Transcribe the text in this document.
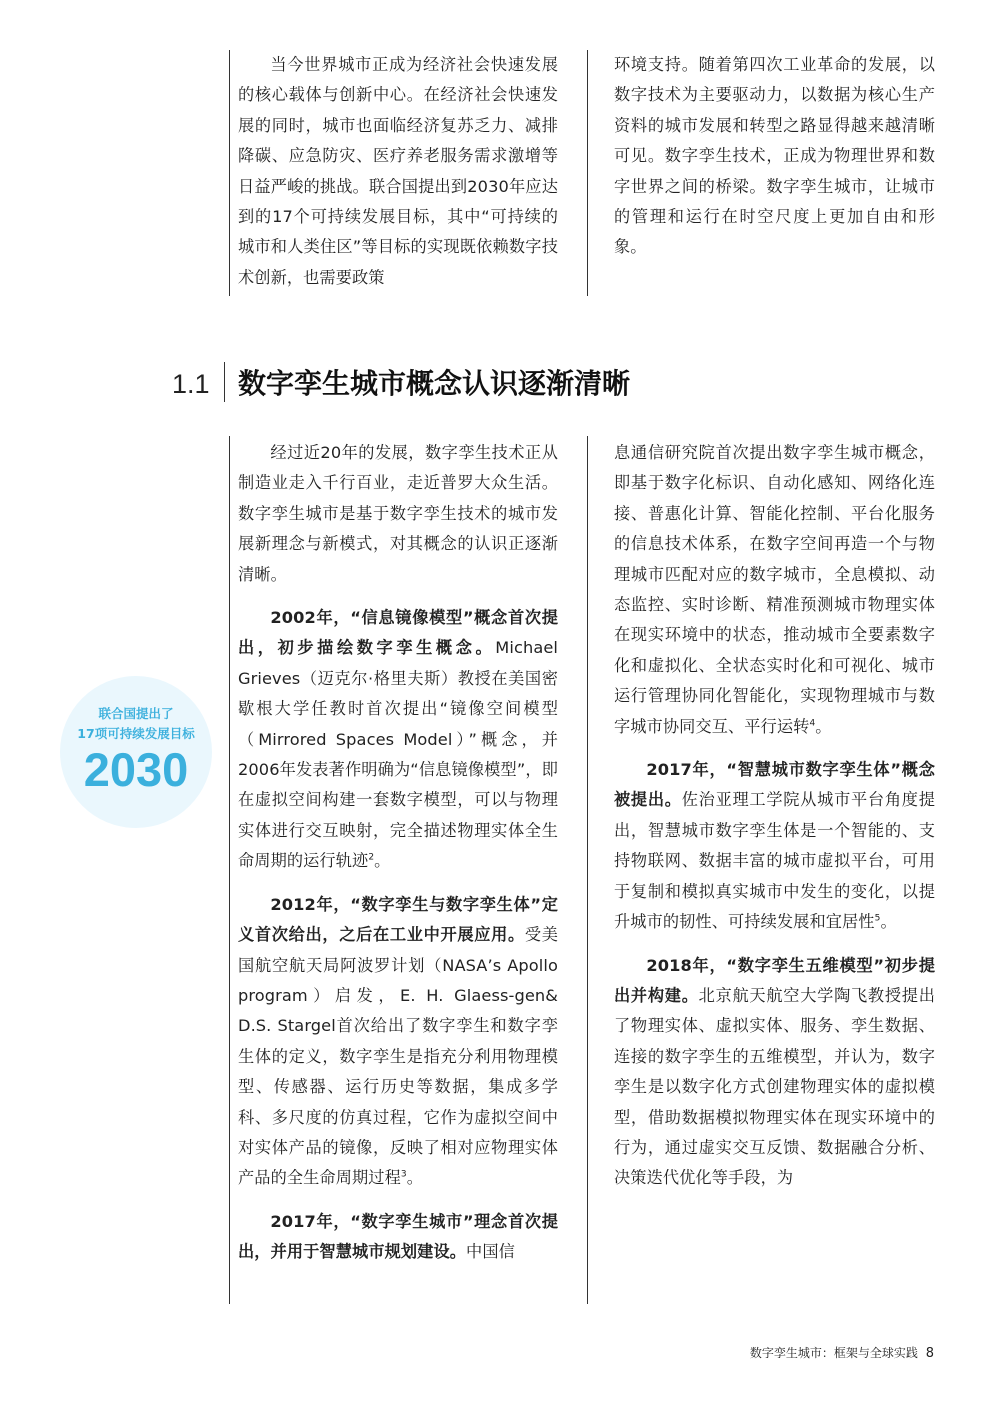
当今世界城市正成为经济社会快速发展的核心载体与创新中心。在经济社会快速发展的同时，城市也面临经济复苏乏力、减排降碳、应急防灾、医疗养老服务需求激增等日益严峻的挑战。联合国提出到2030年应达到的17个可持续发展目标，其中“可持续的城市和人类住区”等目标的实现既依赖数字技术创新，也需要政策

环境支持。随着第四次工业革命的发展，以数字技术为主要驱动力，以数据为核心生产资料的城市发展和转型之路显得越来越清晰可见。数字孪生技术，正成为物理世界和数字世界之间的桥梁。数字孪生城市，让城市的管理和运行在时空尺度上更加自由和形象。

1.1 数字孪生城市概念认识逐渐清晰
联合国提出了
17项可持续发展目标
2030

经过近20年的发展，数字孪生技术正从制造业走入千行百业，走近普罗大众生活。数字孪生城市是基于数字孪生技术的城市发展新理念与新模式，对其概念的认识正逐渐清晰。

2002年，“信息镜像模型”概念首次提出，初步描绘数字孪生概念。Michael Grieves（迈克尔·格里夫斯）教授在美国密歇根大学任教时首次提出“镜像空间模型（Mirrored Spaces Model）”概念，并2006年发表著作明确为“信息镜像模型”，即在虚拟空间构建一套数字模型，可以与物理实体进行交互映射，完全描述物理实体全生命周期的运行轨迹$^2$。

2012年，“数字孪生与数字孪生体”定义首次给出，之后在工业中开展应用。受美国航空航天局阿波罗计划（NASA’s Apollo program）启发，E. H. Glaess-gen& D.S. Stargel首次给出了数字孪生和数字孪生体的定义，数字孪生是指充分利用物理模型、传感器、运行历史等数据，集成多学科、多尺度的仿真过程，它作为虚拟空间中对实体产品的镜像，反映了相对应物理实体产品的全生命周期过程$^3$。

2017年，“数字孪生城市”理念首次提出，并用于智慧城市规划建设。中国信

息通信研究院首次提出数字孪生城市概念，即基于数字化标识、自动化感知、网络化连接、普惠化计算、智能化控制、平台化服务的信息技术体系，在数字空间再造一个与物理城市匹配对应的数字城市，全息模拟、动态监控、实时诊断、精准预测城市物理实体在现实环境中的状态，推动城市全要素数字化和虚拟化、全状态实时化和可视化、城市运行管理协同化智能化，实现物理城市与数字城市协同交互、平行运转$^4$。

2017年，“智慧城市数字孪生体”概念被提出。佐治亚理工学院从城市平台角度提出，智慧城市数字孪生体是一个智能的、支持物联网、数据丰富的城市虚拟平台，可用于复制和模拟真实城市中发生的变化，以提升城市的韧性、可持续发展和宜居性$^5$。

2018年，“数字孪生五维模型”初步提出并构建。北京航天航空大学陶飞教授提出了物理实体、虚拟实体、服务、孪生数据、连接的数字孪生的五维模型，并认为，数字孪生是以数字化方式创建物理实体的虚拟模型，借助数据模拟物理实体在现实环境中的行为，通过虚实交互反馈、数据融合分析、决策迭代优化等手段，为

数字孪生城市：框架与全球实践 8
